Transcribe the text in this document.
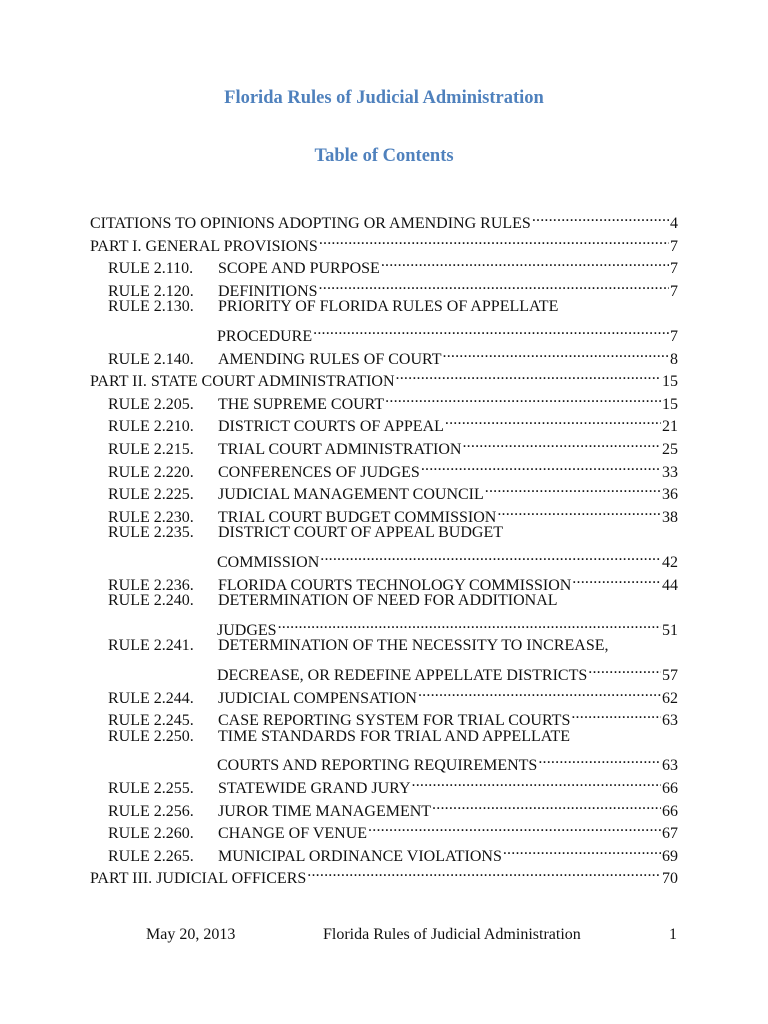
Florida Rules of Judicial Administration
Table of Contents
CITATIONS TO OPINIONS ADOPTING OR AMENDING RULES .....	4
PART I. GENERAL PROVISIONS .....	7
RULE 2.110.	SCOPE AND PURPOSE .....	7
RULE 2.120.	DEFINITIONS .....	7
RULE 2.130.	PRIORITY OF FLORIDA RULES OF APPELLATE
PROCEDURE .....	7
RULE 2.140.	AMENDING RULES OF COURT .....	8
PART II. STATE COURT ADMINISTRATION .....	15
RULE 2.205.	THE SUPREME COURT .....	15
RULE 2.210.	DISTRICT COURTS OF APPEAL .....	21
RULE 2.215.	TRIAL COURT ADMINISTRATION .....	25
RULE 2.220.	CONFERENCES OF JUDGES .....	33
RULE 2.225.	JUDICIAL MANAGEMENT COUNCIL .....	36
RULE 2.230.	TRIAL COURT BUDGET COMMISSION .....	38
RULE 2.235.	DISTRICT COURT OF APPEAL BUDGET
COMMISSION .....	42
RULE 2.236.	FLORIDA COURTS TECHNOLOGY COMMISSION .....	44
RULE 2.240.	DETERMINATION OF NEED FOR ADDITIONAL
JUDGES .....	51
RULE 2.241.	DETERMINATION OF THE NECESSITY TO INCREASE,
DECREASE, OR REDEFINE APPELLATE DISTRICTS .....	57
RULE 2.244.	JUDICIAL COMPENSATION .....	62
RULE 2.245.	CASE REPORTING SYSTEM FOR TRIAL COURTS .....	63
RULE 2.250.	TIME STANDARDS FOR TRIAL AND APPELLATE
COURTS AND REPORTING REQUIREMENTS .....	63
RULE 2.255.	STATEWIDE GRAND JURY .....	66
RULE 2.256.	JUROR TIME MANAGEMENT .....	66
RULE 2.260.	CHANGE OF VENUE .....	67
RULE 2.265.	MUNICIPAL ORDINANCE VIOLATIONS .....	69
PART III. JUDICIAL OFFICERS .....	70
May 20, 2013	Florida Rules of Judicial Administration	1
